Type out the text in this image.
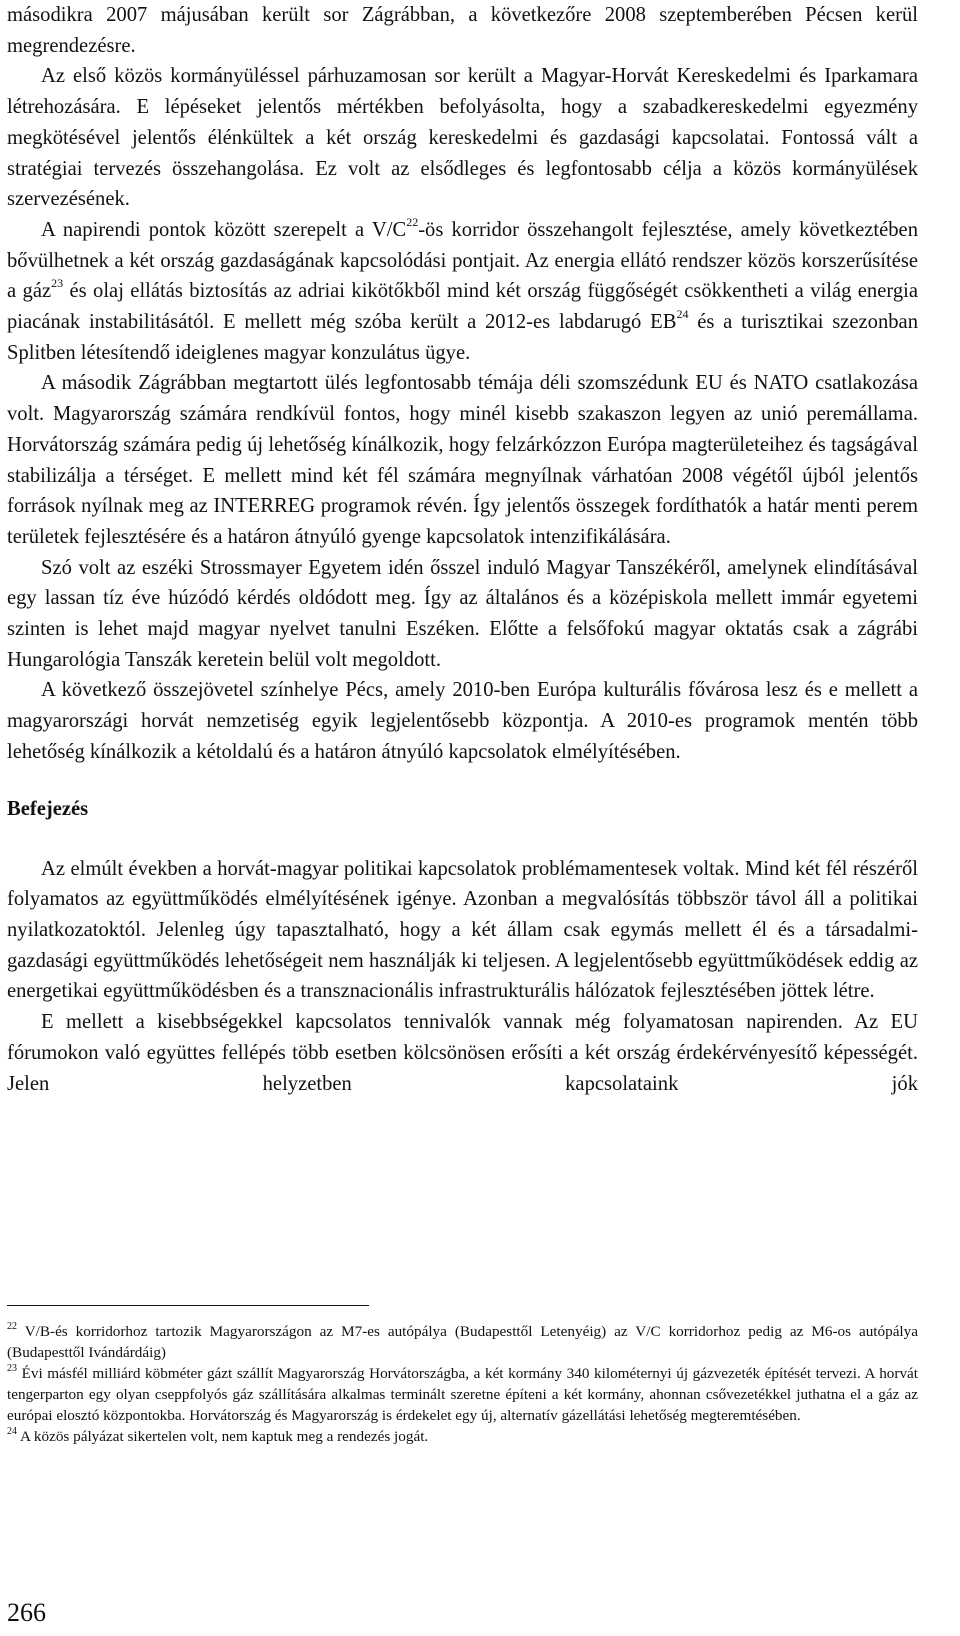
másodikra 2007 májusában került sor Zágrábban, a következőre 2008 szeptemberében Pécsen kerül megrendezésre.

Az első közös kormányüléssel párhuzamosan sor került a Magyar-Horvát Kereskedelmi és Iparkamara létrehozására. E lépéseket jelentős mértékben befolyásolta, hogy a szabadkereskedelmi egyezmény megkötésével jelentős élénkültek a két ország kereskedelmi és gazdasági kapcsolatai. Fontossá vált a stratégiai tervezés összehangolása. Ez volt az elsődleges és legfontosabb célja a közös kormányülések szervezésének.

A napirendi pontok között szerepelt a $V/C^{22}-ös$ korridor összehangolt fejlesztése, amely következtében bővülhetnek a két ország gazdaságának kapcsolódási pontjait. Az energia ellátó rendszer közös korszerűsítése a gáz$^{23}$ és olaj ellátás biztosítás az adriai kikötőkből mind két ország függőségét csökkentheti a világ energia piacának instabilitásától. E mellett még szóba került a 2012-es labdarugó EB$^{24}$ és a turisztikai szezonban Splitben létesítendő ideiglenes magyar konzulátus ügye.

A második Zágrábban megtartott ülés legfontosabb témája déli szomszédunk EU és NATO csatlakozása volt. Magyarország számára rendkívül fontos, hogy minél kisebb szakaszon legyen az unió peremállama. Horvátország számára pedig új lehetőség kínálkozik, hogy felzárkózzon Európa magterületeihez és tagságával stabilizálja a térséget. E mellett mind két fél számára megnyílnak várhatóan 2008 végétől újból jelentős források nyílnak meg az INTERREG programok révén. Így jelentős összegek fordíthatók a határ menti perem területek fejlesztésére és a határon átnyúló gyenge kapcsolatok intenzifikálására.

Szó volt az eszéki Strossmayer Egyetem idén ősszel induló Magyar Tanszékéről, amelynek elindításával egy lassan tíz éve húzódó kérdés oldódott meg. Így az általános és a középiskola mellett immár egyetemi szinten is lehet majd magyar nyelvet tanulni Eszéken. Előtte a felsőfokú magyar oktatás csak a zágrábi Hungarológia Tanszák keretein belül volt megoldott.

A következő összejövetel színhelye Pécs, amely 2010-ben Európa kulturális fővárosa lesz és e mellett a magyarországi horvát nemzetiség egyik legjelentősebb központja. A 2010-es programok mentén több lehetőség kínálkozik a kétoldalú és a határon átnyúló kapcsolatok elmélyítésében.

Befejezés

Az elmúlt években a horvát-magyar politikai kapcsolatok problémamentesek voltak. Mind két fél részéről folyamatos az együttműködés elmélyítésének igénye. Azonban a megvalósítás többször távol áll a politikai nyilatkozatoktól. Jelenleg úgy tapasztalható, hogy a két állam csak egymás mellett él és a társadalmi-gazdasági együttműködés lehetőségeit nem használják ki teljesen. A legjelentősebb együttműködések eddig az energetikai együttműködésben és a transznacionális infrastrukturális hálózatok fejlesztésében jöttek létre.

E mellett a kisebbségekkel kapcsolatos tennivalók vannak még folyamatosan napirenden. Az EU fórumokon való együttes fellépés több esetben kölcsönösen erősíti a két ország érdekérvényesítő képességét. Jelen helyzetben kapcsolataink jók

$^{22}$ V/B-és korridorhoz tartozik Magyarországon az M7-es autópálya (Budapesttől Letenyéig) az V/C korridorhoz pedig az M6-os autópálya (Budapesttől Ivándárdáig)

$^{23}$ Évi másfél milliárd köbméter gázt szállít Magyarország Horvátországba, a két kormány 340 kilométernyi új gázvezeték építését tervezi. A horvát tengerparton egy olyan cseppfolyós gáz szállítására alkalmas terminált szeretne építeni a két kormány, ahonnan csővezetékkel juthatna el a gáz az európai elosztó központokba. Horvátország és Magyarország is érdekelet egy új, alternatív gázellátási lehetőség megteremtésében.

$^{24}$ A közös pályázat sikertelen volt, nem kaptuk meg a rendezés jogát.

266
